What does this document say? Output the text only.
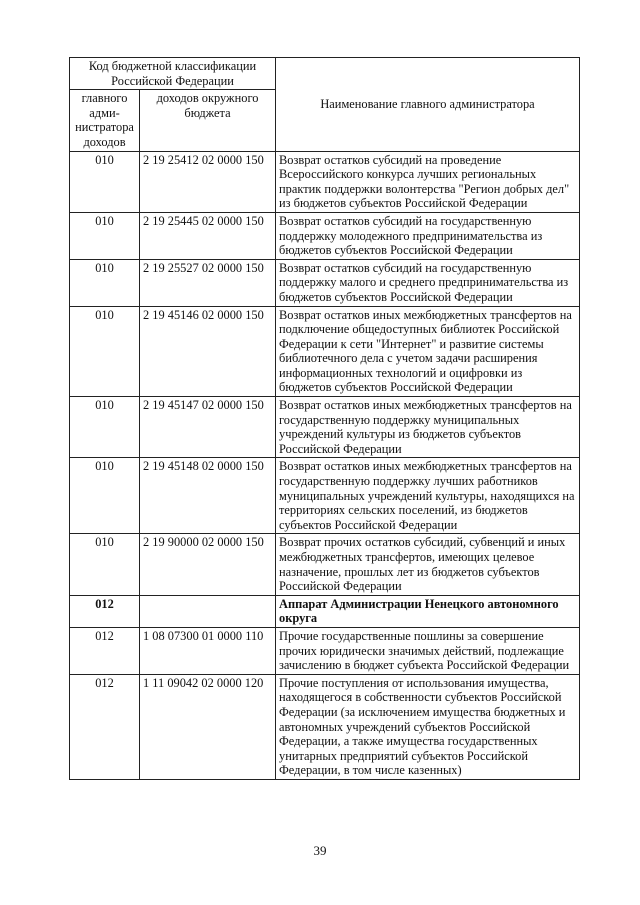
Код бюджетной классификации Российской Федерации		Наименование главного администратора
главного адми-нистратора доходов	доходов окружного бюджета	
010	2 19 25412 02 0000 150	Возврат остатков субсидий на проведение Всероссийского конкурса лучших региональных практик поддержки волонтерства "Регион добрых дел" из бюджетов субъектов Российской Федерации
010	2 19 25445 02 0000 150	Возврат остатков субсидий на государственную поддержку молодежного предпринимательства из бюджетов субъектов Российской Федерации
010	2 19 25527 02 0000 150	Возврат остатков субсидий на государственную поддержку малого и среднего предпринимательства из бюджетов субъектов Российской Федерации
010	2 19 45146 02 0000 150	Возврат остатков иных межбюджетных трансфертов на подключение общедоступных библиотек Российской Федерации к сети "Интернет" и развитие системы библиотечного дела с учетом задачи расширения информационных технологий и оцифровки из бюджетов субъектов Российской Федерации
010	2 19 45147 02 0000 150	Возврат остатков иных межбюджетных трансфертов на государственную поддержку муниципальных учреждений культуры из бюджетов субъектов Российской Федерации
010	2 19 45148 02 0000 150	Возврат остатков иных межбюджетных трансфертов на государственную поддержку лучших работников муниципальных учреждений культуры, находящихся на территориях сельских поселений, из бюджетов субъектов Российской Федерации
010	2 19 90000 02 0000 150	Возврат прочих остатков субсидий, субвенций и иных межбюджетных трансфертов, имеющих целевое назначение, прошлых лет из бюджетов субъектов Российской Федерации
012		Аппарат Администрации Ненецкого автономного округа
012	1 08 07300 01 0000 110	Прочие государственные пошлины за совершение прочих юридически значимых действий, подлежащие зачислению в бюджет субъекта Российской Федерации
012	1 11 09042 02 0000 120	Прочие поступления от использования имущества, находящегося в собственности субъектов Российской Федерации (за исключением имущества бюджетных и автономных учреждений субъектов Российской Федерации, а также имущества государственных унитарных предприятий субъектов Российской Федерации, в том числе казенных)
39
